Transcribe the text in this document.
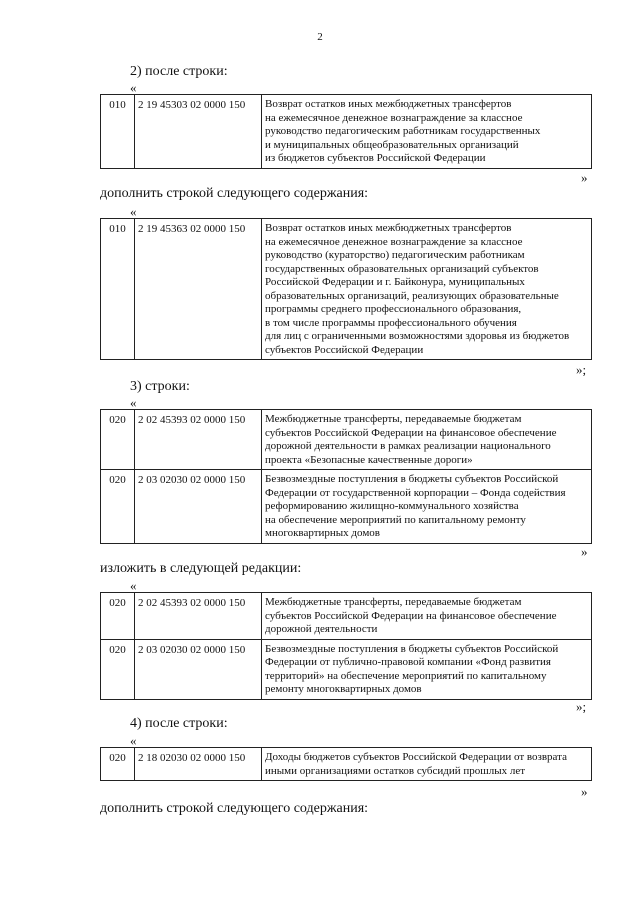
2
2) после строки:
«
010	2 19 45303 02 0000 150	Возврат остатков иных межбюджетных трансфертов
на ежемесячное денежное вознаграждение за классное
руководство педагогическим работникам государственных
и муниципальных общеобразовательных организаций
из бюджетов субъектов Российской Федерации
»
дополнить строкой следующего содержания:
«
010	2 19 45363 02 0000 150	Возврат остатков иных межбюджетных трансфертов
на ежемесячное денежное вознаграждение за классное
руководство (кураторство) педагогическим работникам
государственных образовательных организаций субъектов
Российской Федерации и г. Байконура, муниципальных
образовательных организаций, реализующих образовательные
программы среднего профессионального образования,
в том числе программы профессионального обучения
для лиц с ограниченными возможностями здоровья из бюджетов
субъектов Российской Федерации
»;
3) строки:
«
020	2 02 45393 02 0000 150	Межбюджетные трансферты, передаваемые бюджетам
субъектов Российской Федерации на финансовое обеспечение
дорожной деятельности в рамках реализации национального
проекта «Безопасные качественные дороги»

020	2 03 02030 02 0000 150	Безвозмездные поступления в бюджеты субъектов Российской
Федерации от государственной корпорации – Фонда содействия
реформированию жилищно-коммунального хозяйства
на обеспечение мероприятий по капитальному ремонту
многоквартирных домов
»
изложить в следующей редакции:
«
020	2 02 45393 02 0000 150	Межбюджетные трансферты, передаваемые бюджетам
субъектов Российской Федерации на финансовое обеспечение
дорожной деятельности

020	2 03 02030 02 0000 150	Безвозмездные поступления в бюджеты субъектов Российской
Федерации от публично-правовой компании «Фонд развития
территорий» на обеспечение мероприятий по капитальному
ремонту многоквартирных домов
»;
4) после строки:
«
020	2 18 02030 02 0000 150	Доходы бюджетов субъектов Российской Федерации от возврата
иными организациями остатков субсидий прошлых лет
»
дополнить строкой следующего содержания:
